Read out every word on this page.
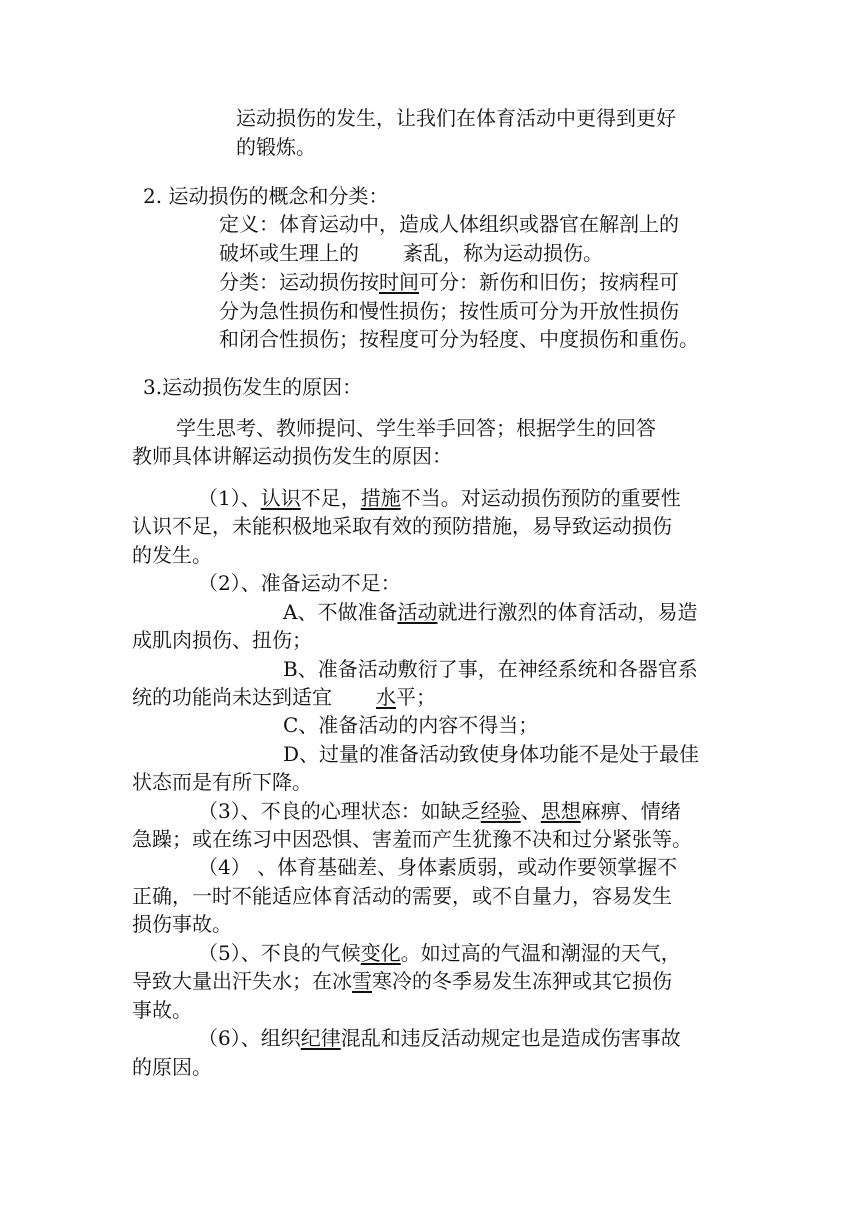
运动损伤的发生，让我们在体育活动中更得到更好

的锻炼。

2. 运动损伤的概念和分类：

定义：体育运动中，造成人体组织或器官在解剖上的

破坏或生理上的 紊乱，称为运动损伤。

分类：运动损伤按时间可分：新伤和旧伤；按病程可

分为急性损伤和慢性损伤；按性质可分为开放性损伤

和闭合性损伤；按程度可分为轻度、中度损伤和重伤。

3.运动损伤发生的原因：

学生思考、教师提问、学生举手回答；根据学生的回答

教师具体讲解运动损伤发生的原因：

（1）、认识不足，措施不当。对运动损伤预防的重要性

认识不足，未能积极地采取有效的预防措施，易导致运动损伤

的发生。

（2）、准备运动不足：

A、不做准备活动就进行激烈的体育活动，易造

成肌肉损伤、扭伤；

B、准备活动敷衍了事，在神经系统和各器官系

统的功能尚未达到适宜 水平；

C、准备活动的内容不得当；

D、过量的准备活动致使身体功能不是处于最佳

状态而是有所下降。

（3）、不良的心理状态：如缺乏经验、思想麻痹、情绪

急躁；或在练习中因恐惧、害羞而产生犹豫不决和过分紧张等。

（4） 、体育基础差、身体素质弱，或动作要领掌握不

正确，一时不能适应体育活动的需要，或不自量力，容易发生

损伤事故。

（5）、不良的气候变化。如过高的气温和潮湿的天气，

导致大量出汗失水；在冰雪寒冷的冬季易发生冻狎或其它损伤

事故。

（6）、组织纪律混乱和违反活动规定也是造成伤害事故

的原因。
